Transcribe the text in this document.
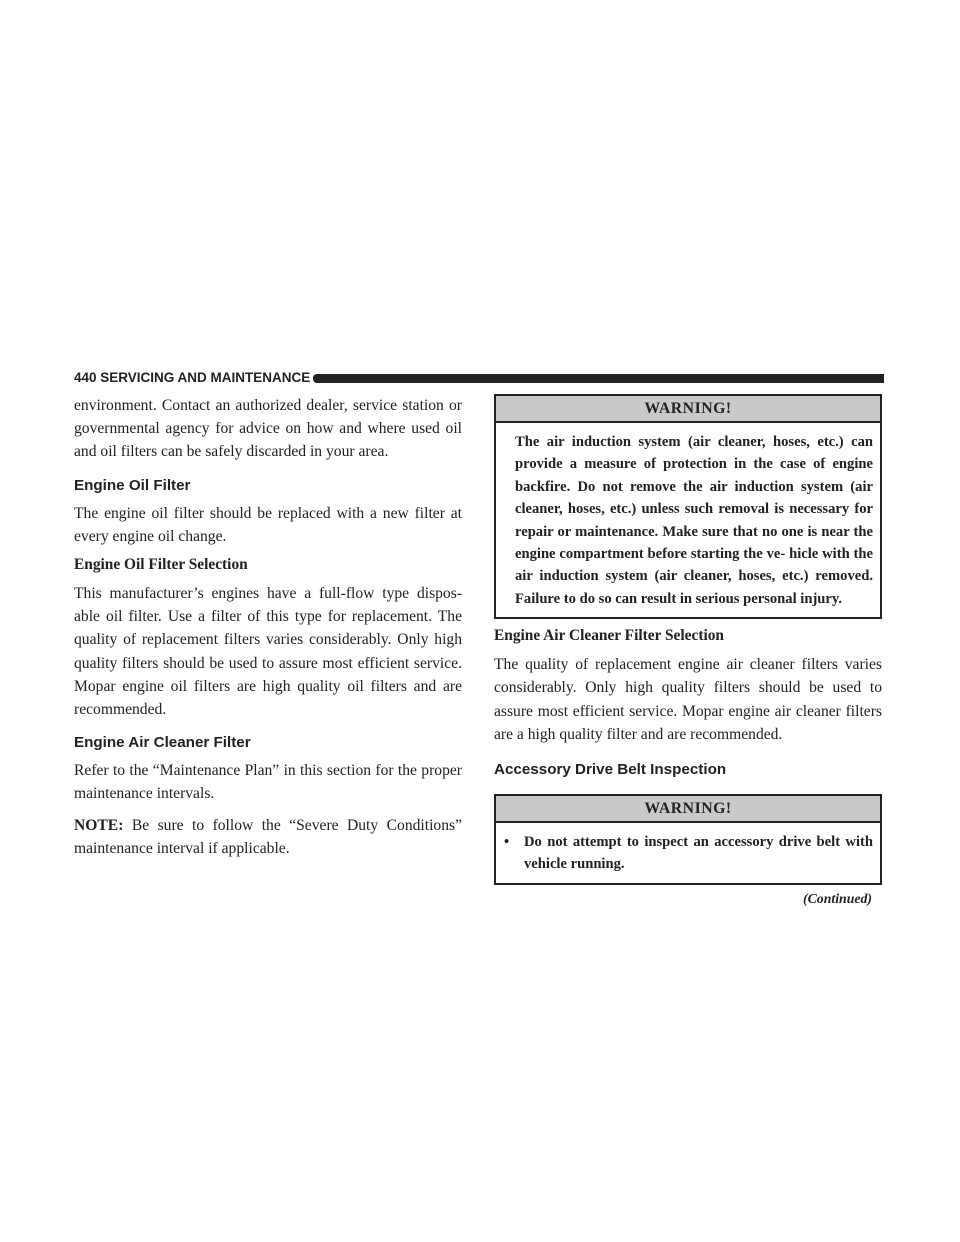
440 SERVICING AND MAINTENANCE

environment. Contact an authorized dealer, service station or governmental agency for advice on how and where used oil and oil filters can be safely discarded in your area.

Engine Oil Filter

The engine oil filter should be replaced with a new filter at every engine oil change.

Engine Oil Filter Selection

This manufacturer’s engines have a full-flow type dispos- able oil filter. Use a filter of this type for replacement. The quality of replacement filters varies considerably. Only high quality filters should be used to assure most efficient service. Mopar engine oil filters are high quality oil filters and are recommended.

Engine Air Cleaner Filter

Refer to the “Maintenance Plan” in this section for the proper maintenance intervals.

NOTE: Be sure to follow the “Severe Duty Conditions” maintenance interval if applicable.

WARNING!

The air induction system (air cleaner, hoses, etc.) can provide a measure of protection in the case of engine backfire. Do not remove the air induction system (air cleaner, hoses, etc.) unless such removal is necessary for repair or maintenance. Make sure that no one is near the engine compartment before starting the ve- hicle with the air induction system (air cleaner, hoses, etc.) removed. Failure to do so can result in serious personal injury.

Engine Air Cleaner Filter Selection

The quality of replacement engine air cleaner filters varies considerably. Only high quality filters should be used to assure most efficient service. Mopar engine air cleaner filters are a high quality filter and are recommended.

Accessory Drive Belt Inspection
WARNING!
• Do not attempt to inspect an accessory drive belt with vehicle running.
(Continued)
